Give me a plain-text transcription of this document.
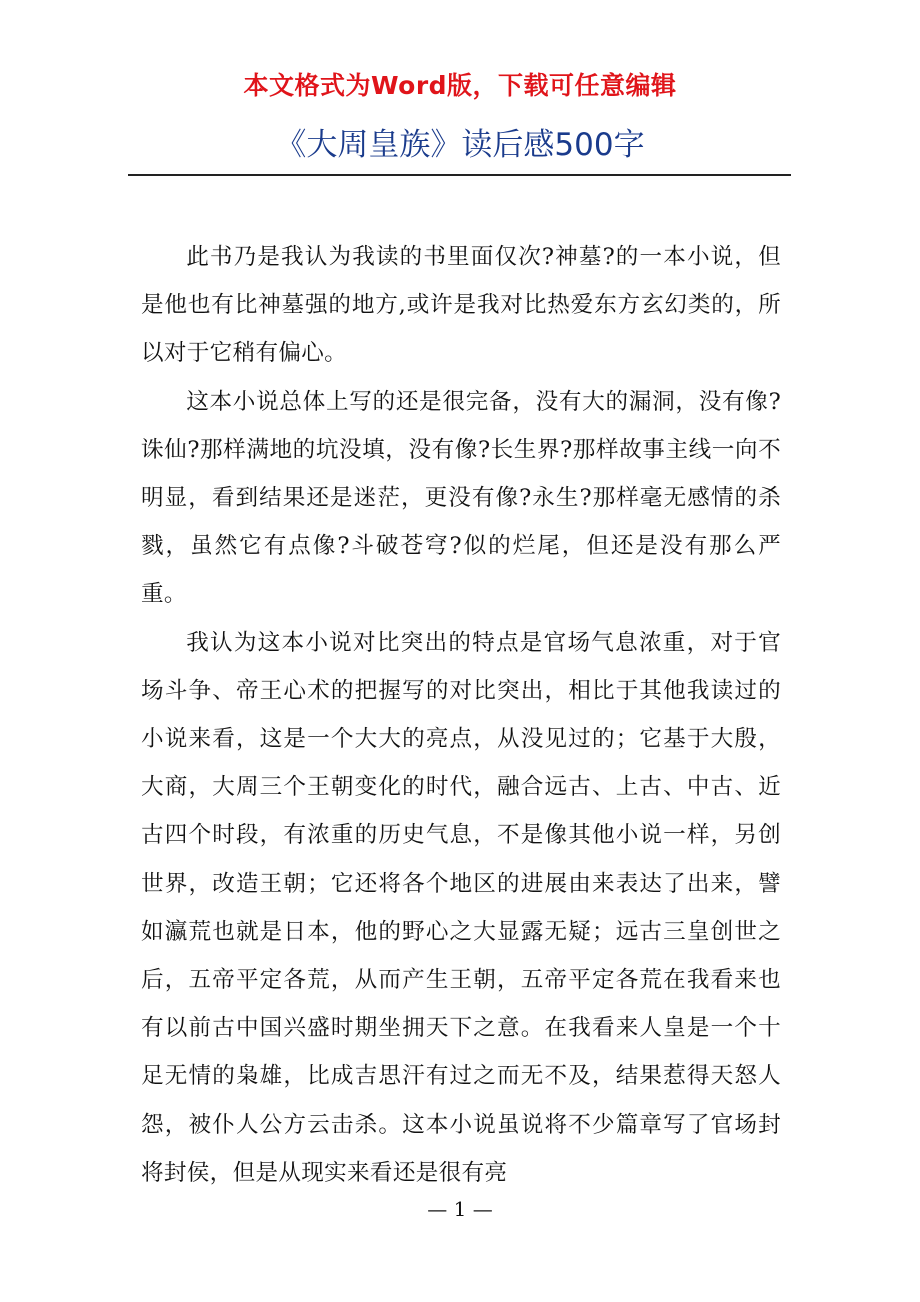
本文格式为Word版，下载可任意编辑
《大周皇族》读后感500字

此书乃是我认为我读的书里面仅次?神墓?的一本小说，但是他也有比神墓强的地方,或许是我对比热爱东方玄幻类的，所以对于它稍有偏心。

这本小说总体上写的还是很完备，没有大的漏洞，没有像?诛仙?那样满地的坑没填，没有像?长生界?那样故事主线一向不明显，看到结果还是迷茫，更没有像?永生?那样毫无感情的杀戮，虽然它有点像?斗破苍穹?似的烂尾，但还是没有那么严重。

我认为这本小说对比突出的特点是官场气息浓重，对于官场斗争、帝王心术的把握写的对比突出，相比于其他我读过的小说来看，这是一个大大的亮点，从没见过的；它基于大殷，大商，大周三个王朝变化的时代，融合远古、上古、中古、近古四个时段，有浓重的历史气息，不是像其他小说一样，另创世界，改造王朝；它还将各个地区的进展由来表达了出来，譬如瀛荒也就是日本，他的野心之大显露无疑；远古三皇创世之后，五帝平定各荒，从而产生王朝，五帝平定各荒在我看来也有以前古中国兴盛时期坐拥天下之意。在我看来人皇是一个十足无情的枭雄，比成吉思汗有过之而无不及，结果惹得天怒人怨，被仆人公方云击杀。这本小说虽说将不少篇章写了官场封将封侯，但是从现实来看还是很有亮

— 1 —
